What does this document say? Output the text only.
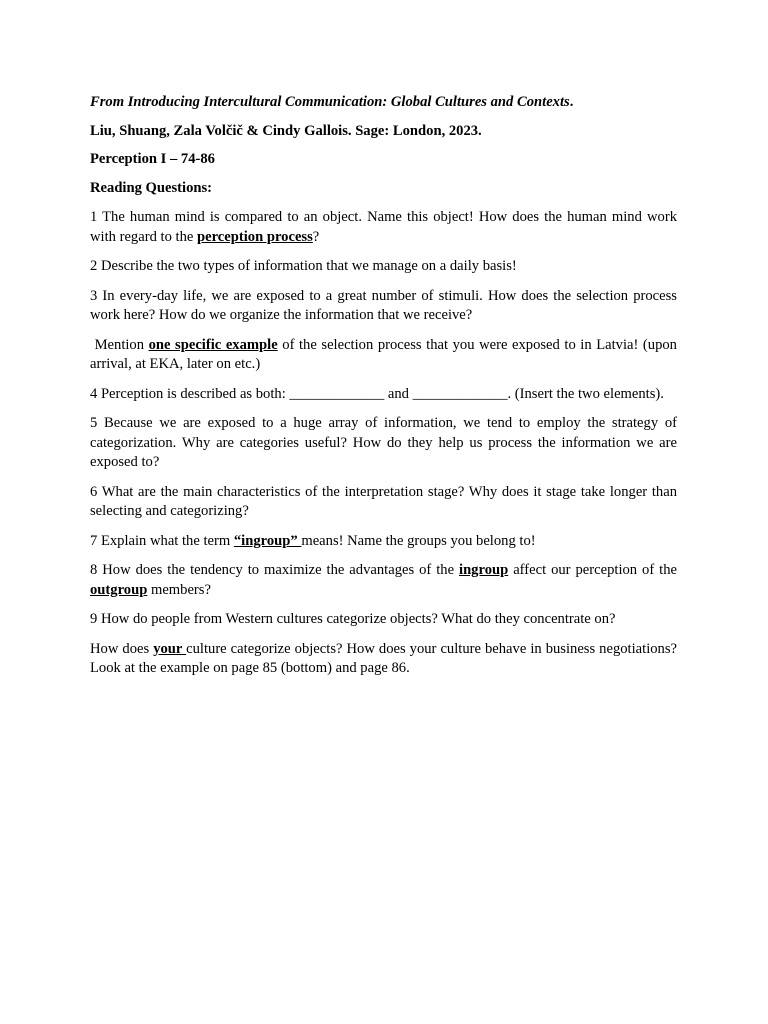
From Introducing Intercultural Communication: Global Cultures and Contexts.

Liu, Shuang, Zala Volčič & Cindy Gallois. Sage: London, 2023.

Perception I – 74-86

Reading Questions:

1 The human mind is compared to an object. Name this object! How does the human mind work with regard to the perception process?

2 Describe the two types of information that we manage on a daily basis!

3 In every-day life, we are exposed to a great number of stimuli. How does the selection process work here? How do we organize the information that we receive?

Mention one specific example of the selection process that you were exposed to in Latvia! (upon arrival, at EKA, later on etc.)

4 Perception is described as both: _____________ and _____________. (Insert the two elements).

5 Because we are exposed to a huge array of information, we tend to employ the strategy of categorization. Why are categories useful? How do they help us process the information we are exposed to?

6 What are the main characteristics of the interpretation stage? Why does it stage take longer than selecting and categorizing?

7 Explain what the term “ingroup” means! Name the groups you belong to!

8 How does the tendency to maximize the advantages of the ingroup affect our perception of the outgroup members?

9 How do people from Western cultures categorize objects? What do they concentrate on?

How does your culture categorize objects? How does your culture behave in business negotiations? Look at the example on page 85 (bottom) and page 86.
